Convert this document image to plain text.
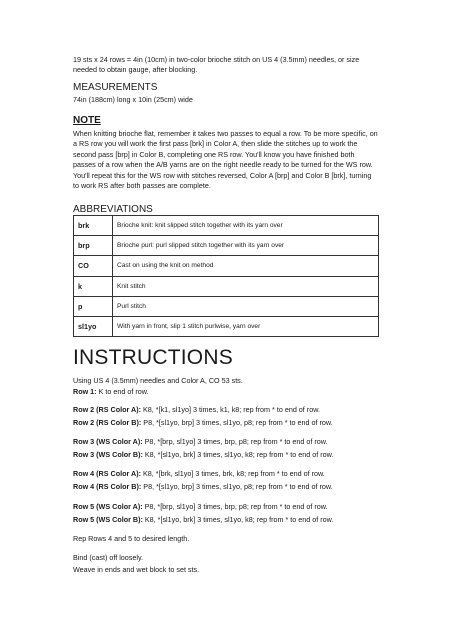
19 sts x 24 rows = 4in (10cm) in two-color brioche stitch on US 4 (3.5mm) needles, or size needed to obtain gauge, after blocking.
MEASUREMENTS
74in (188cm) long x 10in (25cm) wide
NOTE
When knitting brioche flat, remember it takes two passes to equal a row. To be more specific, on a RS row you will work the first pass [brk] in Color A, then slide the stitches up to work the second pass [brp] in Color B, completing one RS row. You'll know you have finished both passes of a row when the A/B yarns are on the right needle ready to be turned for the WS row. You'll repeat this for the WS row with stitches reversed, Color A [brp] and Color B [brk], turning to work RS after both passes are complete.
ABBREVIATIONS
brk	Brioche knit: knit slipped stitch together with its yarn over
brp	Brioche purl: purl slipped stitch together with its yarn over
CO	Cast on using the knit on method
k	Knit stitch
p	Purl stitch
sl1yo	With yarn in front, slip 1 stitch purlwise, yarn over
INSTRUCTIONS
Using US 4 (3.5mm) needles and Color A, CO 53 sts.
Row 1: K to end of row.
Row 2 (RS Color A): K8, *[k1, sl1yo] 3 times, k1, k8; rep from * to end of row.
Row 2 (RS Color B): P8, *[sl1yo, brp] 3 times, sl1yo, p8; rep from * to end of row.
Row 3 (WS Color A): P8, *[brp, sl1yo] 3 times, brp, p8; rep from * to end of row.
Row 3 (WS Color B): K8, *[sl1yo, brk] 3 times, sl1yo, k8; rep from * to end of row.
Row 4 (RS Color A): K8, *[brk, sl1yo] 3 times, brk, k8; rep from * to end of row.
Row 4 (RS Color B): P8, *[sl1yo, brp] 3 times, sl1yo, p8; rep from * to end of row.
Row 5 (WS Color A): P8, *[brp, sl1yo] 3 times, brp, p8; rep from * to end of row.
Row 5 (WS Color B): K8, *[sl1yo, brk] 3 times, sl1yo, k8; rep from * to end of row.
Rep Rows 4 and 5 to desired length.
Bind (cast) off loosely.
Weave in ends and wet block to set sts.
